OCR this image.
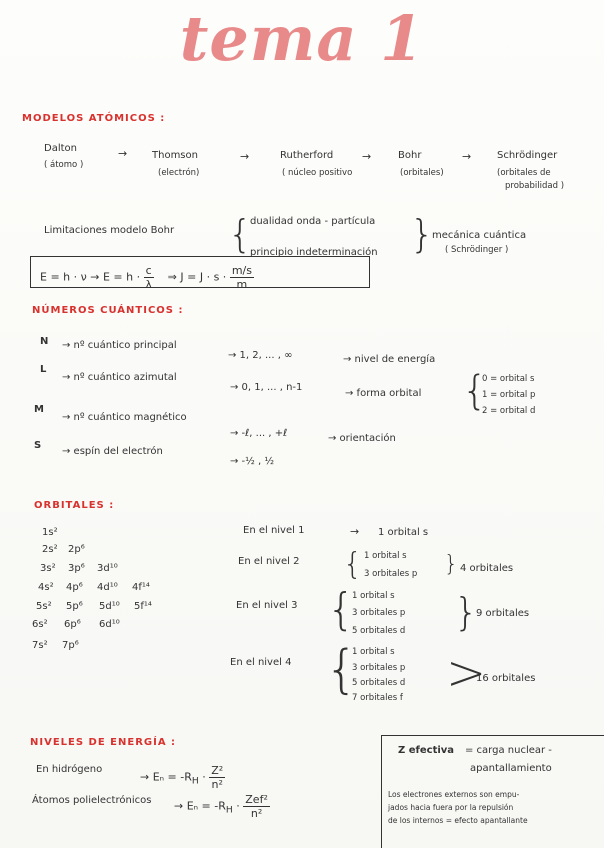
tema 1
MODELOS ATÓMICOS :
Dalton
( átomo )
→ Thomson
(electrón)
→	Rutherford
( núcleo positivo
→	Bohr
(orbitales)
→	Schrödinger
(orbitales de
probabilidad )
Limitaciones modelo Bohr {
dualidad onda - partícula
principio indeterminación }
mecánica cuántica
( Schrödinger )
$E = h \cdot \nu \to E = h \cdot \frac{c}{\lambda}$ ⇒ $J = J \cdot s \cdot \frac{m/s}{m}$
NÚMEROS CUÁNTICOS :
N → nº cuántico principal
→ 1, 2, ... , ∞	→ nivel de energía
L
→ nº cuántico azimutal
→ 0, 1, ... , n-1
→ forma orbital {
0 = orbital s
1 = orbital p
2 = orbital d
M
→ nº cuántico magnético
→ -ℓ, ... , +ℓ	→ orientación
S
→ espín del electrón
→ -½ , ½
ORBITALES :
1s²
2s² 2p⁶
3s² 3p⁶ 3d¹⁰
4s² 4p⁶ 4d¹⁰ 4f¹⁴
5s² 5p⁶ 5d¹⁰ 5f¹⁴
6s² 6p⁶ 6d¹⁰
7s² 7p⁶
En el nivel 1	→ 1 orbital s
En el nivel 2 { 1 orbital s
3 orbitales p } 4 orbitales
En el nivel 3 {
1 orbital s
3 orbitales p
5 orbitales d }
9 orbitales
En el nivel 4 {
1 orbital s
3 orbitales p
5 orbitales d
7 orbitales f >
16 orbitales
NIVELES DE ENERGÍA :
En hidrógeno
→ $E_n = -R_H \cdot \frac{\text{Z²}}{\text{n²}}$
Átomos polielectrónicos → $E_n = -R_H \cdot \frac{\text{Zef²}}{\text{n²}}$
Z efectiva = carga nuclear -
apantallamiento
Los electrones externos son empu-
jados hacia fuera por la repulsión
de los internos = efecto apantallante
